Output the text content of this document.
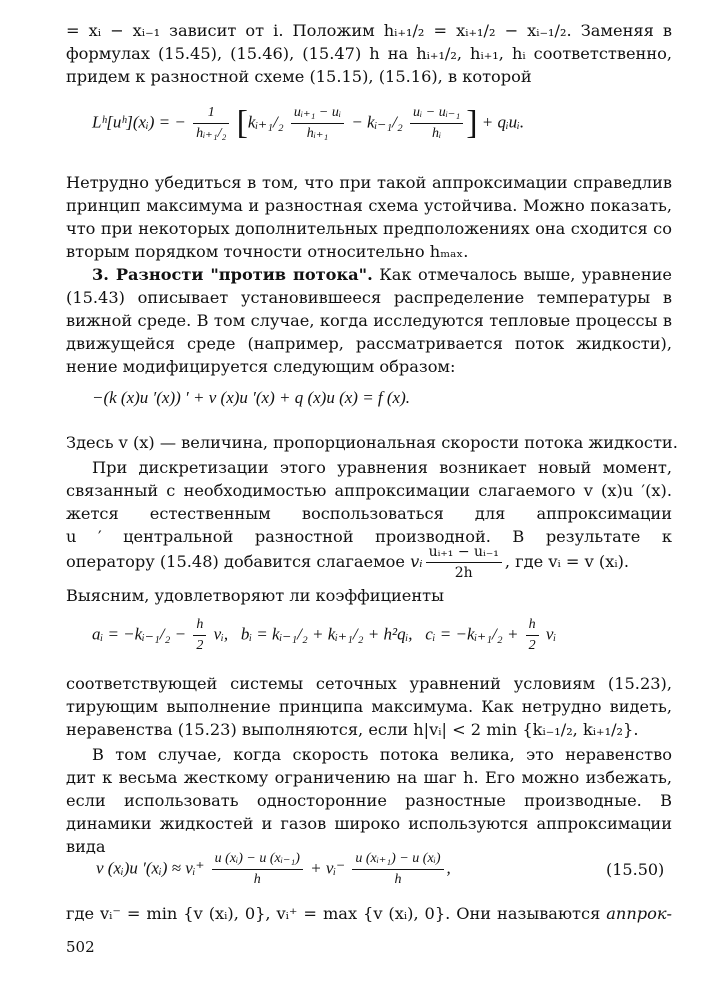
= xᵢ − xᵢ₋₁ зависит от i. Положим hᵢ₊₁/₂ = xᵢ₊₁/₂ − xᵢ₋₁/₂. Заменяя в
формулах (15.45), (15.46), (15.47) h на hᵢ₊₁/₂, hᵢ₊₁, hᵢ соответственно,
придем к разностной схеме (15.15), (15.16), в которой
Lʰ[uʰ](xᵢ) = − $\frac{1}{\text{hᵢ₊₁/₂}}$ [kᵢ₊₁/₂ $\frac{\text{uᵢ₊₁ − uᵢ}}{\text{hᵢ₊₁}}$ − kᵢ₋₁/₂ $\frac{\text{uᵢ − uᵢ₋₁}}{\text{hᵢ}}$ ] + qᵢuᵢ.
Нетрудно убедиться в том, что при такой аппроксимации справедлив
принцип максимума и разностная схема устойчива. Можно показать,
что при некоторых дополнительных предположениях она сходится со
вторым порядком точности относительно hₘₐₓ.
3. Разности "против потока". Как отмечалось выше, уравнение
(15.43) описывает установившееся распределение температуры в
вижной среде. В том случае, когда исследуются тепловые процессы в
движущейся среде (например, рассматривается поток жидкости),
нение модифицируется следующим образом:
−(k (x)u ′(x)) ′ + v (x)u ′(x) + q (x)u (x) = f (x).
Здесь v (x) — величина, пропорциональная скорости потока жидкости.
При дискретизации этого уравнения возникает новый момент,
связанный с необходимостью аппроксимации слагаемого v (x)u ′(x).
жется естественным воспользоваться для аппроксимации
u ′ центральной разностной производной. В результате к
оператору (15.48) добавится слагаемое vᵢ $\frac{\text{uᵢ₊₁ − uᵢ₋₁}}{2h}$ , где vᵢ = v (xᵢ).
Выясним, удовлетворяют ли коэффициенты
aᵢ = −kᵢ₋₁/₂ − $\frac{h}{2}$ vᵢ, bᵢ = kᵢ₋₁/₂ + kᵢ₊₁/₂ + h²qᵢ, cᵢ = −kᵢ₊₁/₂ + $\frac{h}{2}$ vᵢ
соответствующей системы сеточных уравнений условиям (15.23),
тирующим выполнение принципа максимума. Как нетрудно видеть,
неравенства (15.23) выполняются, если h|vᵢ| < 2 min {kᵢ₋₁/₂, kᵢ₊₁/₂}.
В том случае, когда скорость потока велика, это неравенство
дит к весьма жесткому ограничению на шаг h. Его можно избежать,
если использовать односторонние разностные производные. В
динамики жидкостей и газов широко используются аппроксимации
вида
v (xᵢ)u ′(xᵢ) ≈ vᵢ⁺ $\frac{\text{u (xᵢ) − u (xᵢ₋₁)}}{h}$ + vᵢ⁻ $\frac{\text{u (xᵢ₊₁) − u (xᵢ)}}{h}$ ,	(15.50)
где vᵢ⁻ = min {v (xᵢ), 0}, vᵢ⁺ = max {v (xᵢ), 0}. Они называются аппрок-
502
